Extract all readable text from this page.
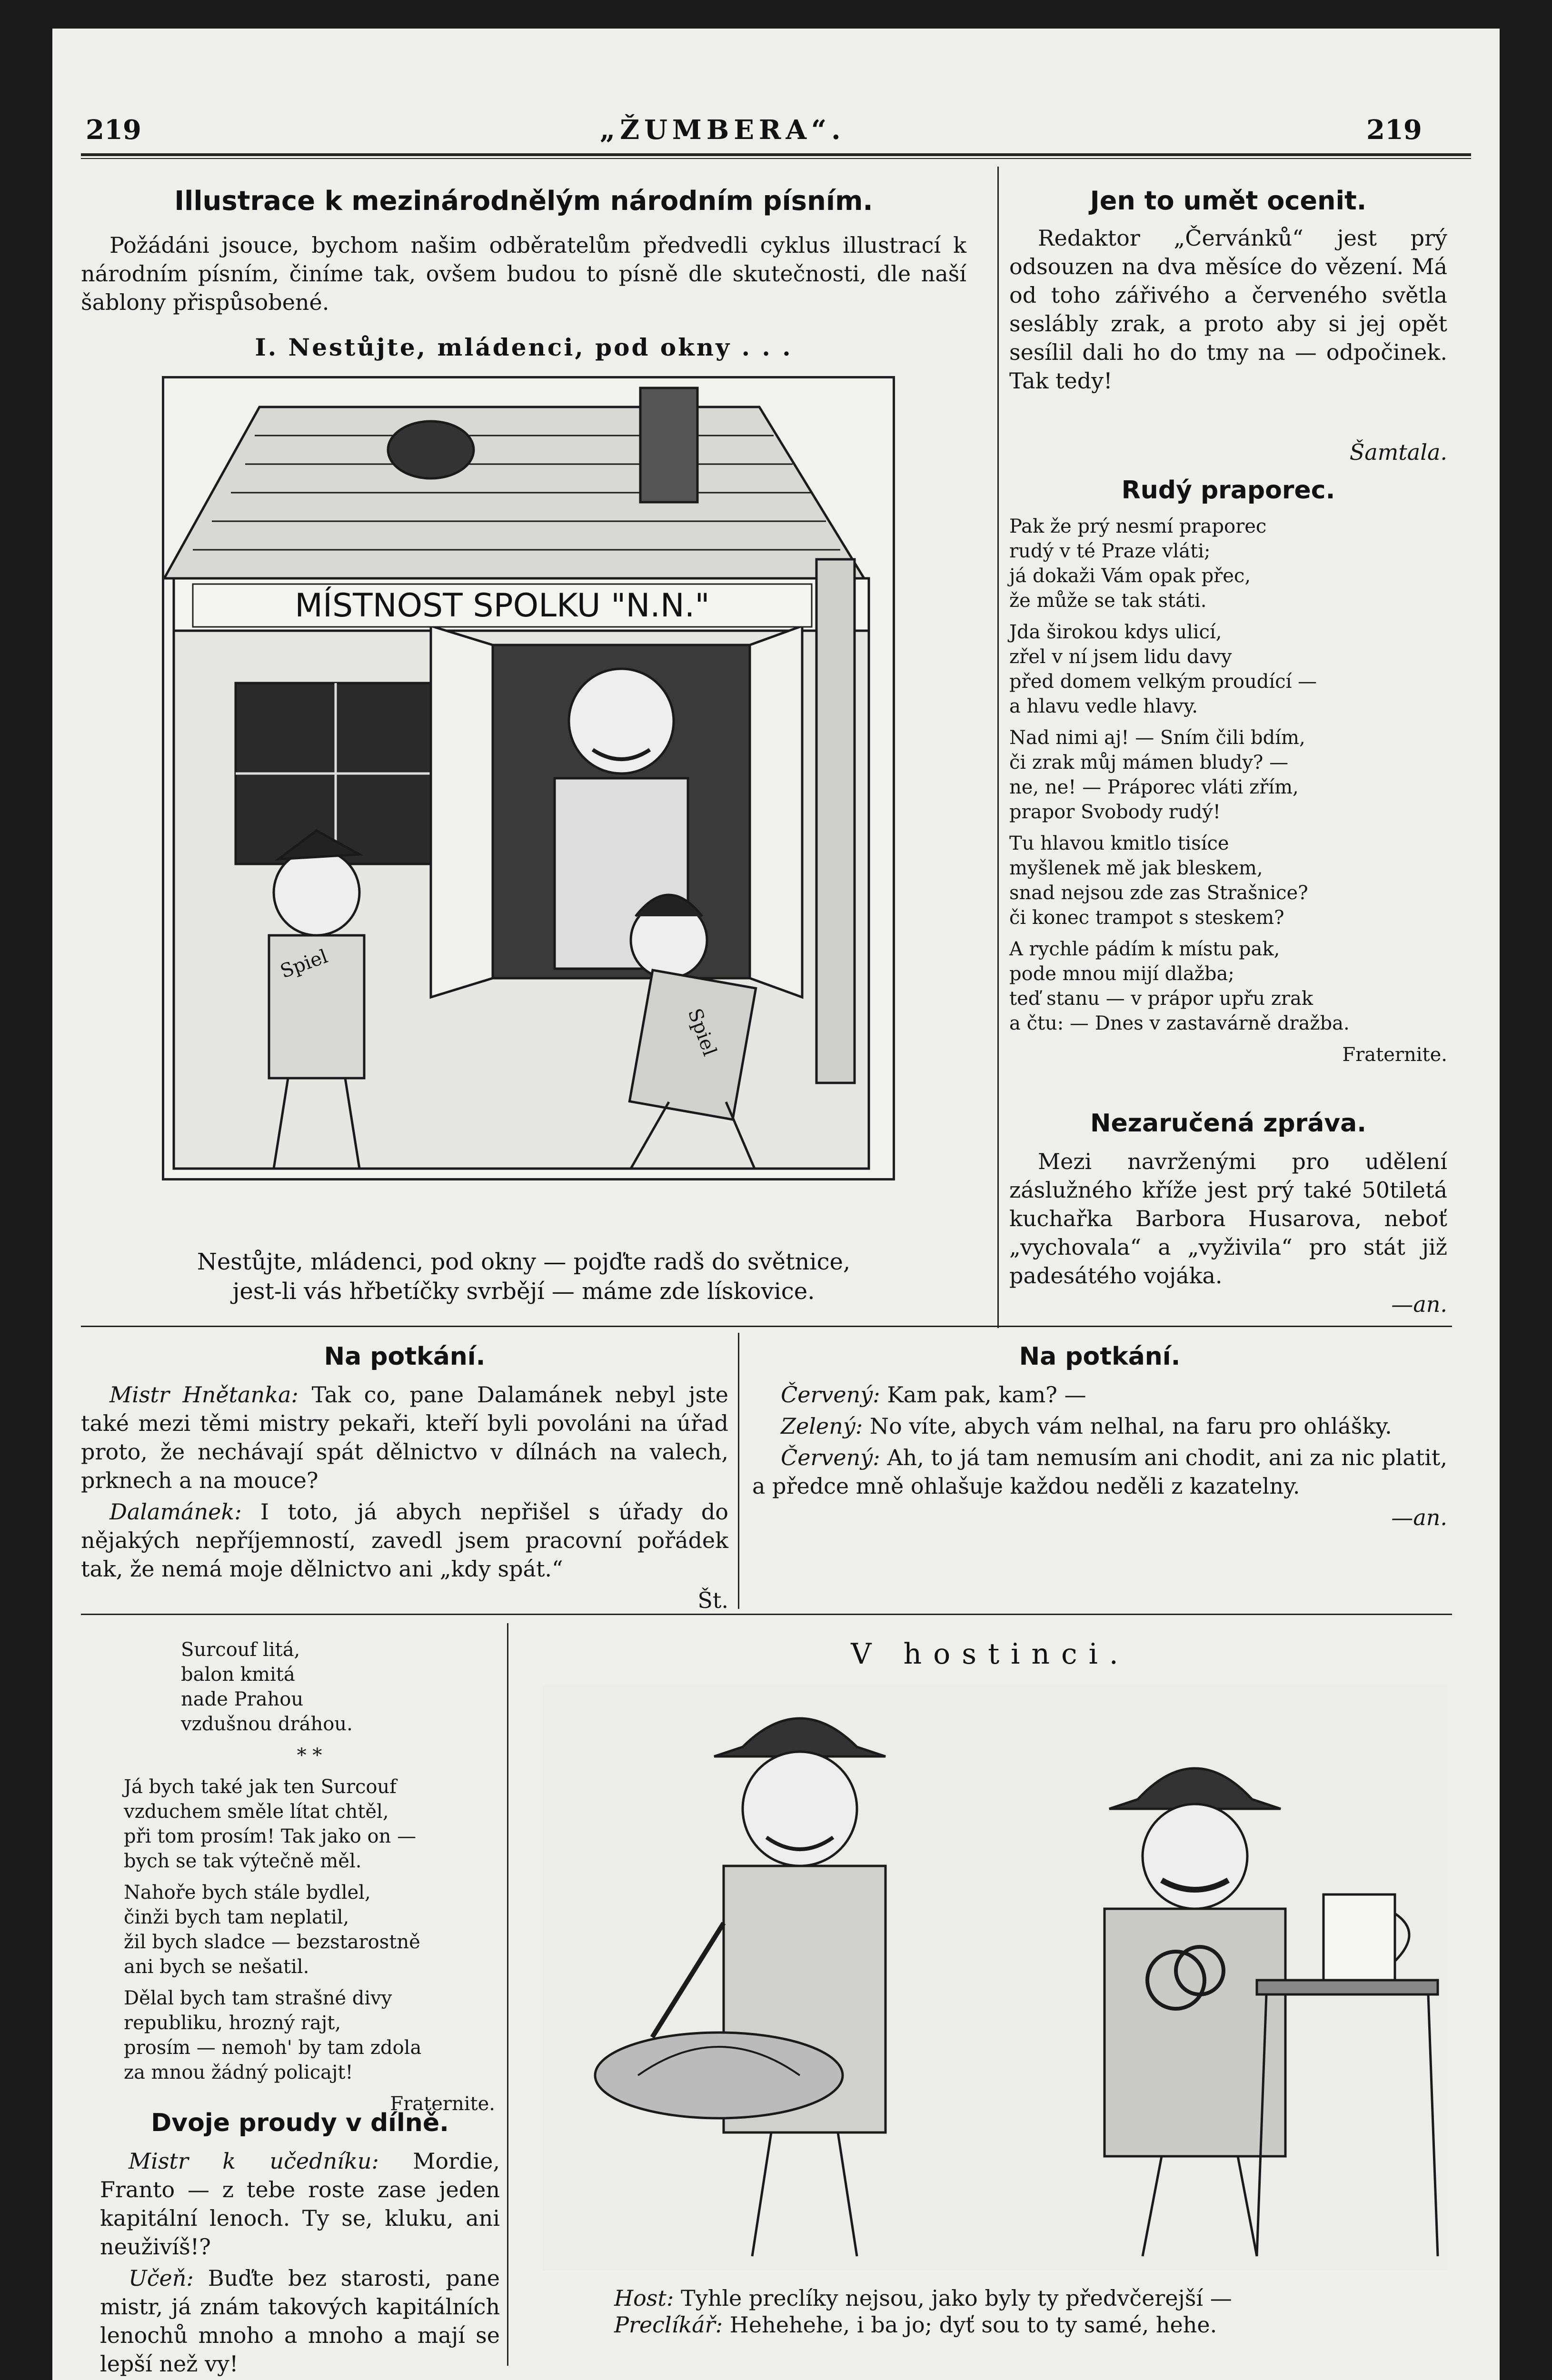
219	„ŽUMBERA“.	219
Illustrace k mezinárodnělým národním písním.
Požádáni jsouce, bychom našim odběratelům předvedli cyklus illustrací k národním písním, činíme tak, ovšem budou to písně dle skutečnosti, dle naší šablony přispůsobené.
I. Nestůjte, mládenci, pod okny . . .
MÍSTNOST SPOLKU "N.N."
Spiel
Spiel
Nestůjte, mládenci, pod okny — pojďte radš do světnice,
jest-li vás hřbetíčky svrbějí — máme zde lískovice.
Jen to umět ocenit.
Redaktor „Červánků“ jest prý odsouzen na dva měsíce do vězení. Má od toho zářivého a červeného světla seslábly zrak, a proto aby si jej opět sesílil dali ho do tmy na — odpočinek. Tak tedy!
Šamtala.
Rudý praporec.

Pak že prý nesmí praporec
rudý v té Praze vláti;
já dokaži Vám opak přec,
že může se tak státi.

Jda širokou kdys ulicí,
zřel v ní jsem lidu davy
před domem velkým proudící —
a hlavu vedle hlavy.

Nad nimi aj! — Sním čili bdím,
či zrak můj mámen bludy? —
ne, ne! — Práporec vláti zřím,
prapor Svobody rudý!

Tu hlavou kmitlo tisíce
myšlenek mě jak bleskem,
snad nejsou zde zas Strašnice?
či konec trampot s steskem?

A rychle pádím k místu pak,
pode mnou mijí dlažba;
teď stanu — v prápor upřu zrak
a čtu: — Dnes v zastavárně dražba.

Fraternite.
Nezaručená zpráva.
Mezi navrženými pro udělení záslužného kříže jest prý také 50tiletá kuchařka Barbora Husarova, neboť „vychovala“ a „vyživila“ pro stát již padesátého vojáka.
—an.
Na potkání.
Mistr Hnětanka: Tak co, pane Dalamánek nebyl jste také mezi těmi mistry pekaři, kteří byli povoláni na úřad proto, že nechávají spát dělnictvo v dílnách na valech, prknech a na mouce?
Dalamánek: I toto, já abych nepřišel s úřady do nějakých nepříjemností, zavedl jsem pracovní pořádek tak, že nemá moje dělnictvo ani „kdy spát.“
Št.
Na potkání.
Červený: Kam pak, kam? —
Zelený: No víte, abych vám nelhal, na faru pro ohlášky.
Červený: Ah, to já tam nemusím ani chodit, ani za nic platit, a předce mně ohlašuje každou neděli z kazatelny.
—an.

Surcouf litá,
balon kmitá
nade Prahou
vzdušnou dráhou.

* *

Já bych také jak ten Surcouf
vzduchem směle lítat chtěl,
při tom prosím! Tak jako on —
bych se tak výtečně měl.

Nahoře bych stále bydlel,
činži bych tam neplatil,
žil bych sladce — bezstarostně
ani bych se nešatil.

Dělal bych tam strašné divy
republiku, hrozný rajt,
prosím — nemoh' by tam zdola
za mnou žádný policajt!

Fraternite.
Dvoje proudy v dílně.
Mistr k učedníku: Mordie, Franto — z tebe roste zase jeden kapitální lenoch. Ty se, kluku, ani neuživíš!?
Učeň: Buďte bez starosti, pane mistr, já znám takových kapitálních lenochů mnoho a mnoho a mají se lepší než vy!
V hostinci.
Host: Tyhle preclíky nejsou, jako byly ty předvčerejší —
Preclíkář: Hehehehe, i ba jo; dyť sou to ty samé, hehe.
